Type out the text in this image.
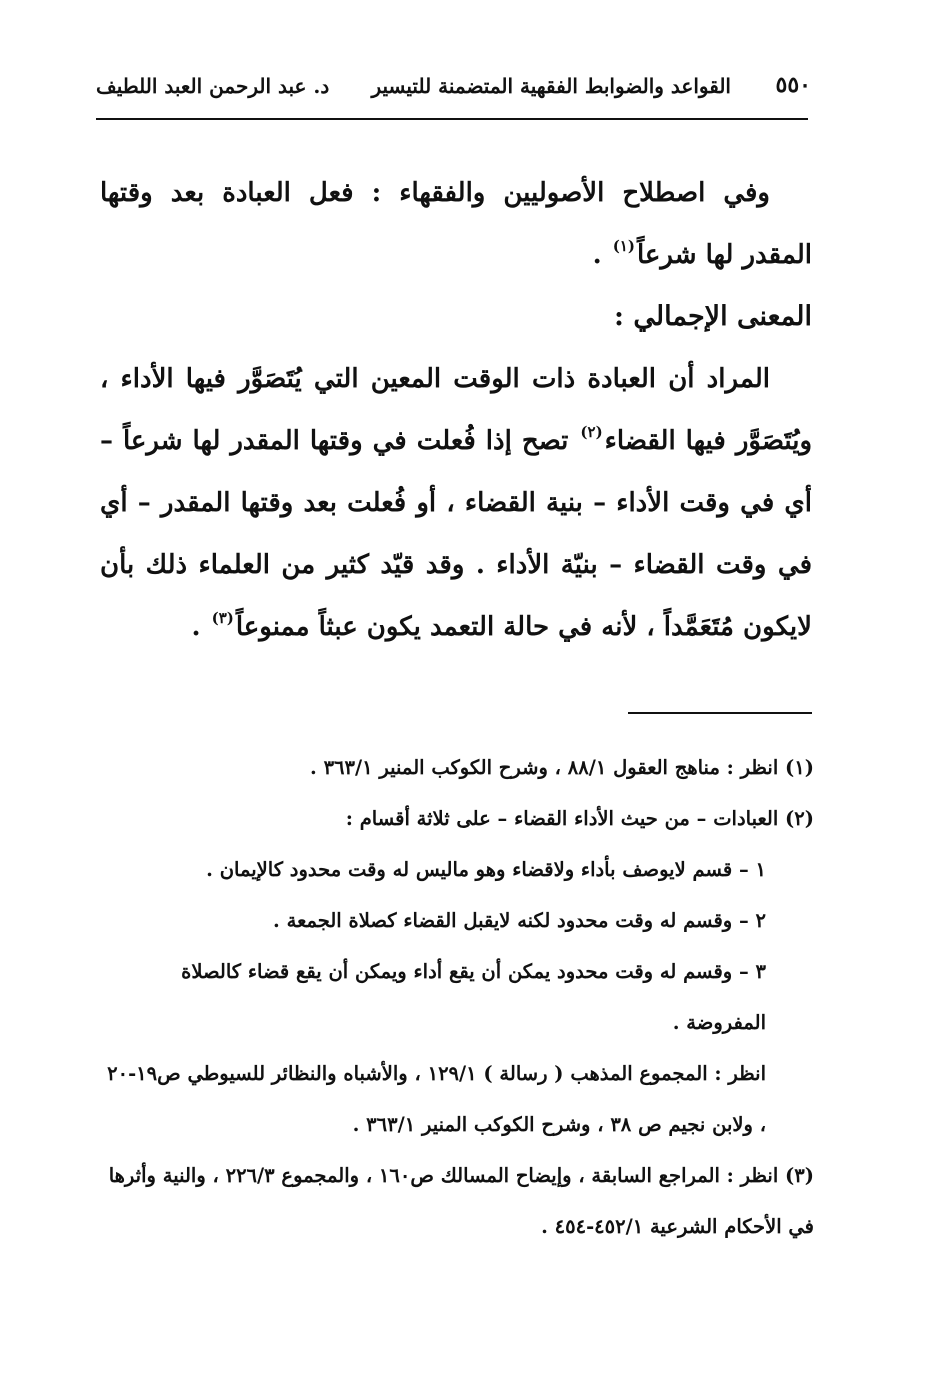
٥٥٠
القواعد والضوابط الفقهية المتضمنة للتيسير
د. عبد الرحمن العبد اللطيف

وفي اصطلاح الأصوليين والفقهاء : فعل العبادة بعد وقتها المقدر لها شرعاً$^{(١)}$ .

المعنى الإجمالي :

المراد أن العبادة ذات الوقت المعين التي يُتَصَوَّر فيها الأداء ، ويُتَصَوَّر فيها القضاء$^{(٢)}$ تصح إذا فُعلت في وقتها المقدر لها شرعاً – أي في وقت الأداء – بنية القضاء ، أو فُعلت بعد وقتها المقدر – أي في وقت القضاء – بنيّة الأداء . وقد قيّد كثير من العلماء ذلك بأن لايكون مُتَعَمَّداً ، لأنه في حالة التعمد يكون عبثاً ممنوعاً$^{(٣)}$ .

(١) انظر : مناهج العقول ٨٨/١ ، وشرح الكوكب المنير ٣٦٣/١ .

(٢) العبادات – من حيث الأداء القضاء – على ثلاثة أقسام :

١ – قسم لايوصف بأداء ولاقضاء وهو ماليس له وقت محدود كالإيمان .

٢ – وقسم له وقت محدود لكنه لايقبل القضاء كصلاة الجمعة .

٣ – وقسم له وقت محدود يمكن أن يقع أداء ويمكن أن يقع قضاء كالصلاة المفروضة .

انظر : المجموع المذهب ( رسالة ) ١٢٩/١ ، والأشباه والنظائر للسيوطي ص١٩-٢٠ ، ولابن نجيم ص ٣٨ ، وشرح الكوكب المنير ٣٦٣/١ .

(٣) انظر : المراجع السابقة ، وإيضاح المسالك ص١٦٠ ، والمجموع ٢٢٦/٣ ، والنية وأثرها في الأحكام الشرعية ٤٥٢/١-٤٥٤ .
